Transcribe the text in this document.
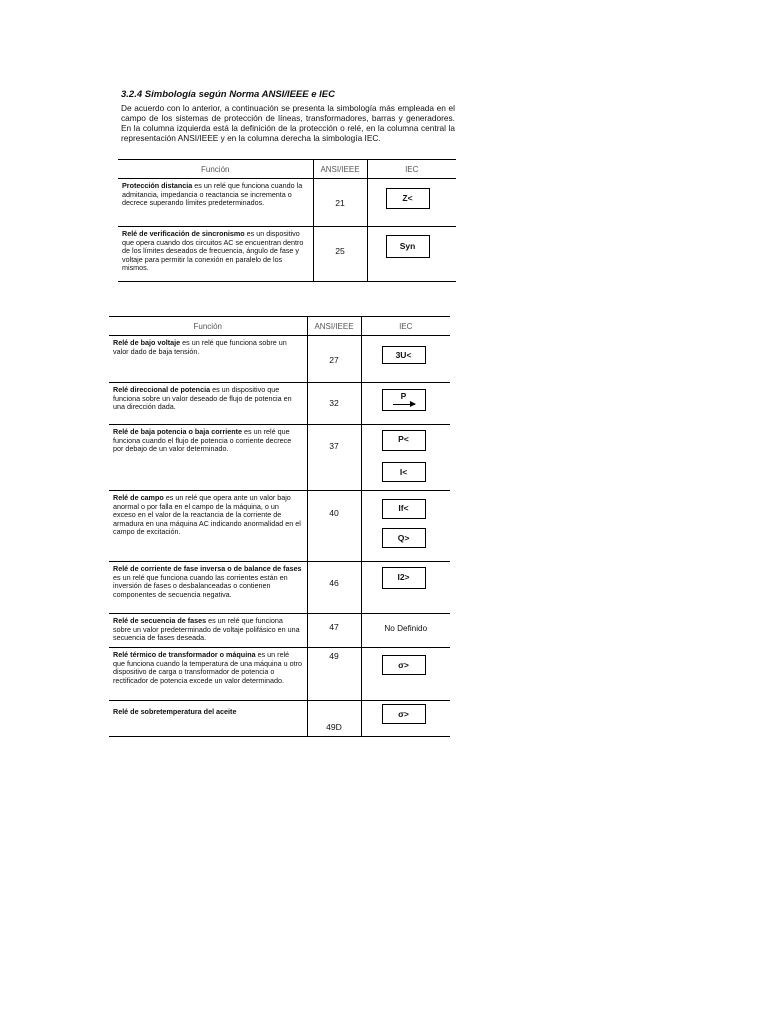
3.2.4 Simbología según Norma ANSI/IEEE e IEC
De acuerdo con lo anterior, a continuación se presenta la simbología más empleada en el campo de los sistemas de protección de líneas, transformadores, barras y generadores. En la columna izquierda está la definición de la protección o relé, en la columna central la representación ANSI/IEEE y en la columna derecha la simbología IEC.
Función	ANSI/IEEE	IEC

Protección distancia es un relé que funciona cuando la admitancia, impedancia o reactancia se incrementa o decrece superando límites predeterminados.	21	Z<

Relé de verificación de sincronismo es un dispositivo que opera cuando dos circuitos AC se encuentran dentro de los límites deseados de frecuencia, ángulo de fase y voltaje para permitir la conexión en paralelo de los mismos.	25	Syn
Función	ANSI/IEEE	IEC

Relé de bajo voltaje es un relé que funciona sobre un valor dado de baja tensión.	27	3U<

Relé direccional de potencia es un dispositivo que funciona sobre un valor deseado de flujo de potencia en una dirección dada.	32	P

Relé de baja potencia o baja corriente es un relé que funciona cuando el flujo de potencia o corriente decrece por debajo de un valor determinado.	37	P<
I<

Relé de campo es un relé que opera ante un valor bajo anormal o por falla en el campo de la máquina, o un exceso en el valor de la reactancia de la corriente de armadura en una máquina AC indicando anormalidad en el campo de excitación.	40	If<
Q>

Relé de corriente de fase inversa o de balance de fases es un relé que funciona cuando las corrientes están en inversión de fases o desbalanceadas o contienen componentes de secuencia negativa.	46	I2>

Relé de secuencia de fases es un relé que funciona sobre un valor predeterminado de voltaje polifásico en una secuencia de fases deseada.	47	No Definido

Relé térmico de transformador o máquina es un relé que funciona cuando la temperatura de una máquina u otro dispositivo de carga o transformador de potencia o rectificador de potencia excede un valor determinado.	49	σ>

Relé de sobretemperatura del aceite	49D	σ>
